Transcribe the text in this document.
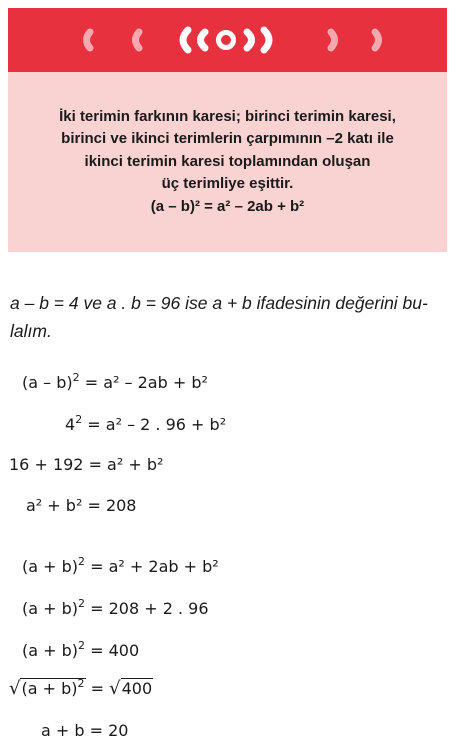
İki terimin farkının karesi; birinci terimin karesi,
birinci ve ikinci terimlerin çarpımının –2 katı ile
ikinci terimin karesi toplamından oluşan
üç terimliye eşittir.
(a – b)² = a² – 2ab + b²
a – b = 4 ve a . b = 96 ise a + b ifadesinin değerini bu-
lalım.
(a – b)$^2$ = a² – 2ab + b²
$4^2 = a^2 - 2$ . 96 + b²
16 + 192 = a² + b²
a² + b² = 208
$(a + b)^2 = a^2 + 2ab + b^2$
$(a + b)^2 = 208 + 2$ . 96
$(a + b)^2 = 400$
$√(a + b)^2 = √400$
a + b = 20
